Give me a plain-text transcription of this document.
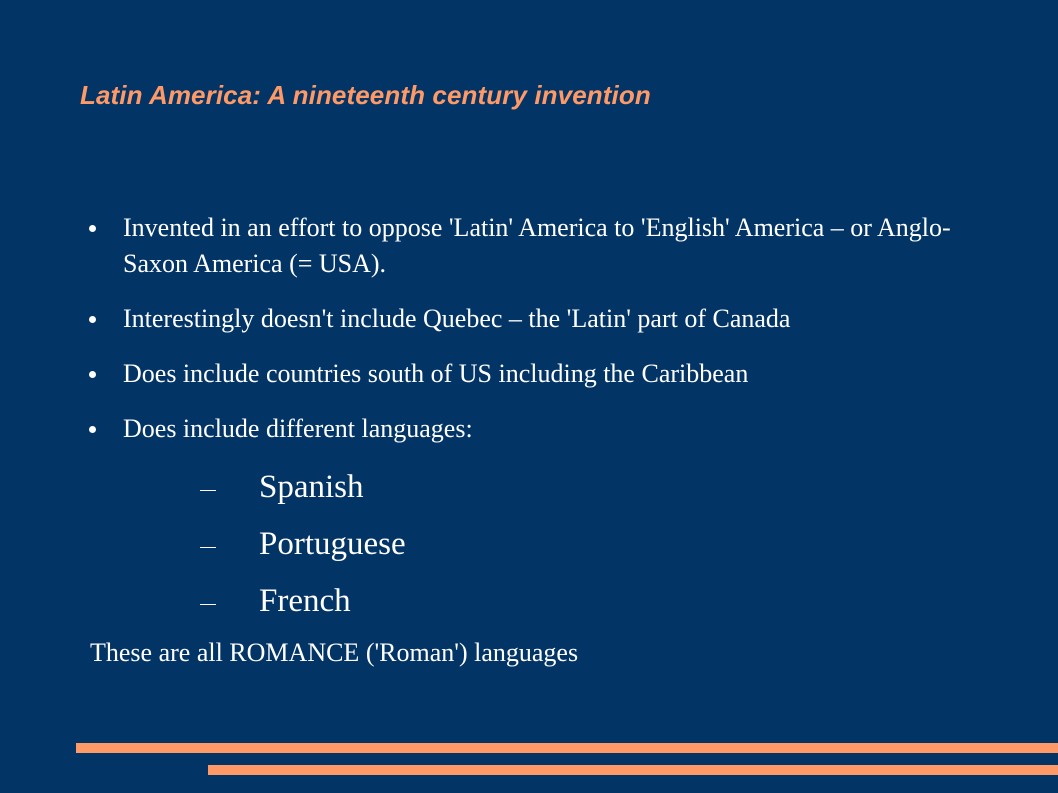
Latin America: A nineteenth century invention
Invented in an effort to oppose 'Latin' America to 'English' America – or Anglo-Saxon America (= USA).
Interestingly doesn't include Quebec – the 'Latin' part of Canada
Does include countries south of US including the Caribbean
Does include different languages:
Spanish
Portuguese
French

These are all ROMANCE ('Roman') languages
